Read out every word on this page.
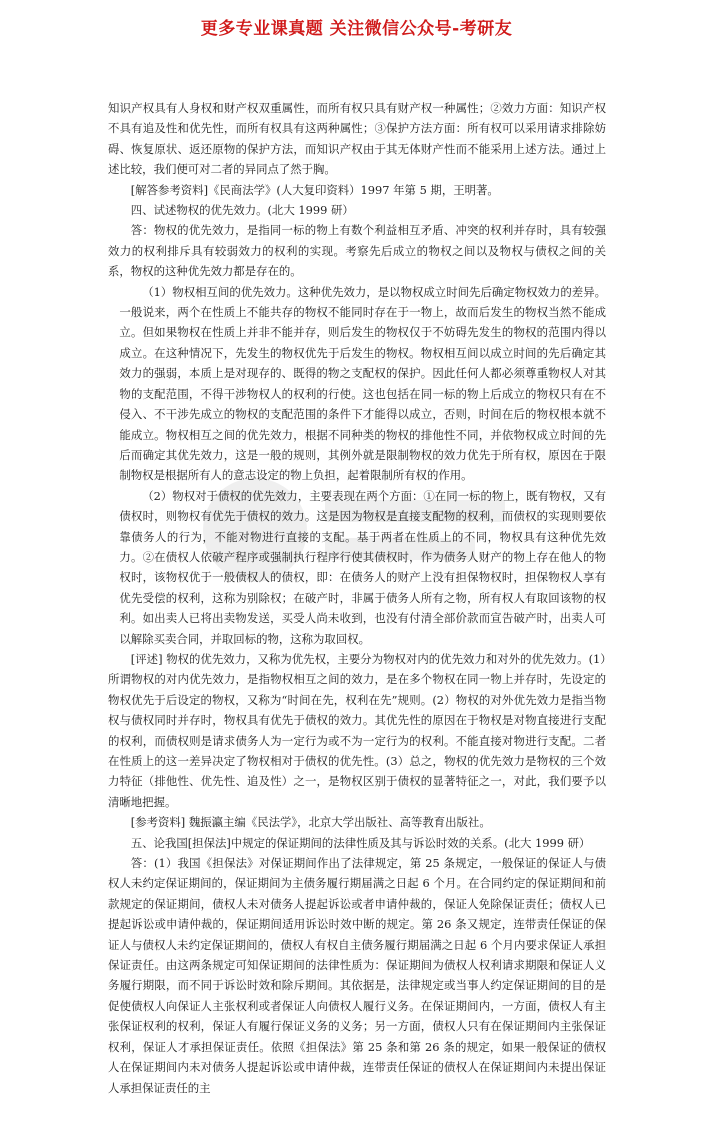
更多专业课真题 关注微信公众号-考研友

知识产权具有人身权和财产权双重属性，而所有权只具有财产权一种属性；②效力方面：知识产权不具有追及性和优先性，而所有权具有这两种属性；③保护方法方面：所有权可以采用请求排除妨碍、恢复原状、返还原物的保护方法，而知识产权由于其无体财产性而不能采用上述方法。通过上述比较，我们便可对二者的异同点了然于胸。

[解答参考资料]《民商法学》(人大复印资料）1997 年第 5 期，王明著。

四、试述物权的优先效力。(北大 1999 研）

答：物权的优先效力，是指同一标的物上有数个利益相互矛盾、冲突的权利并存时，具有较强效力的权利排斥具有较弱效力的权利的实现。考察先后成立的物权之间以及物权与债权之间的关系，物权的这种优先效力都是存在的。

（1）物权相互间的优先效力。这种优先效力，是以物权成立时间先后确定物权效力的差异。一般说来，两个在性质上不能共存的物权不能同时存在于一物上，故而后发生的物权当然不能成立。但如果物权在性质上并非不能并存，则后发生的物权仅于不妨碍先发生的物权的范围内得以成立。在这种情况下，先发生的物权优先于后发生的物权。物权相互间以成立时间的先后确定其效力的强弱，本质上是对现存的、既得的物之支配权的保护。因此任何人都必须尊重物权人对其物的支配范围，不得干涉物权人的权利的行使。这也包括在同一标的物上后成立的物权只有在不侵入、不干涉先成立的物权的支配范围的条件下才能得以成立，否则，时间在后的物权根本就不能成立。物权相互之间的优先效力，根据不同种类的物权的排他性不同，并依物权成立时间的先后而确定其优先效力，这是一般的规则，其例外就是限制物权的效力优先于所有权，原因在于限制物权是根据所有人的意志设定的物上负担，起着限制所有权的作用。

（2）物权对于债权的优先效力，主要表现在两个方面：①在同一标的物上，既有物权，又有债权时，则物权有优先于债权的效力。这是因为物权是直接支配物的权利，而债权的实现则要依靠债务人的行为，不能对物进行直接的支配。基于两者在性质上的不同，物权具有这种优先效力。②在债权人依破产程序或强制执行程序行使其债权时，作为债务人财产的物上存在他人的物权时，该物权优于一般债权人的债权，即：在债务人的财产上没有担保物权时，担保物权人享有优先受偿的权利，这称为别除权；在破产时，非属于债务人所有之物，所有权人有取回该物的权利。如出卖人已将出卖物发送，买受人尚未收到，也没有付清全部价款而宣告破产时，出卖人可以解除买卖合同，并取回标的物，这称为取回权。

[评述] 物权的优先效力，又称为优先权，主要分为物权对内的优先效力和对外的优先效力。(1）所谓物权的对内优先效力，是指物权相互之间的效力，是在多个物权在同一物上并存时，先设定的物权优先于后设定的物权，又称为“时间在先，权利在先”规则。(2）物权的对外优先效力是指当物权与债权同时并存时，物权具有优先于债权的效力。其优先性的原因在于物权是对物直接进行支配的权利，而债权则是请求债务人为一定行为或不为一定行为的权利。不能直接对物进行支配。二者在性质上的这一差异决定了物权相对于债权的优先性。(3）总之，物权的优先效力是物权的三个效力特征（排他性、优先性、追及性）之一，是物权区别于债权的显著特征之一，对此，我们要予以清晰地把握。

[参考资料] 魏振瀛主编《民法学》，北京大学出版社、高等教育出版社。

五、论我国[担保法]中规定的保证期间的法律性质及其与诉讼时效的关系。(北大 1999 研）

答：(1）我国《担保法》对保证期间作出了法律规定，第 25 条规定，一般保证的保证人与债权人未约定保证期间的，保证期间为主债务履行期届满之日起 6 个月。在合同约定的保证期间和前款规定的保证期间，债权人未对债务人提起诉讼或者申请仲裁的，保证人免除保证责任；债权人已提起诉讼或申请仲裁的，保证期间适用诉讼时效中断的规定。第 26 条又规定，连带责任保证的保证人与债权人未约定保证期间的，债权人有权自主债务履行期届满之日起 6 个月内要求保证人承担保证责任。由这两条规定可知保证期间的法律性质为：保证期间为债权人权利请求期限和保证人义务履行期限，而不同于诉讼时效和除斥期间。其依据是，法律规定或当事人约定保证期间的目的是促使债权人向保证人主张权利或者保证人向债权人履行义务。在保证期间内，一方面，债权人有主张保证权利的权利，保证人有履行保证义务的义务；另一方面，债权人只有在保证期间内主张保证权利，保证人才承担保证责任。依照《担保法》第 25 条和第 26 条的规定，如果一般保证的债权人在保证期间内未对债务人提起诉讼或申请仲裁，连带责任保证的债权人在保证期间内未提出保证人承担保证责任的主
